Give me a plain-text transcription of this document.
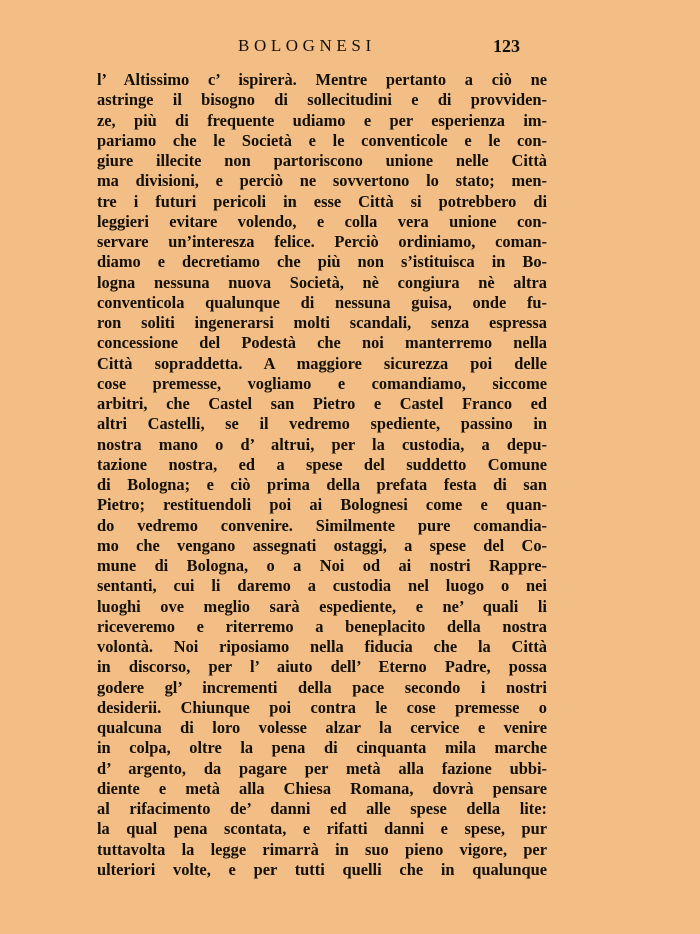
BOLOGNESI	123
l’ Altissimo c’ ispirerà. Mentre pertanto a ciò ne
astringe il bisogno di sollecitudini e di provviden-
ze, più di frequente udiamo e per esperienza im-
pariamo che le Società e le conventicole e le con-
giure illecite non partoriscono unione nelle Città
ma divisioni, e perciò ne sovvertono lo stato; men-
tre i futuri pericoli in esse Città si potrebbero di
leggieri evitare volendo, e colla vera unione con-
servare un’interesza felice. Perciò ordiniamo, coman-
diamo e decretiamo che più non s’istituisca in Bo-
logna nessuna nuova Società, nè congiura nè altra
conventicola qualunque di nessuna guisa, onde fu-
ron soliti ingenerarsi molti scandali, senza espressa
concessione del Podestà che noi manterremo nella
Città sopraddetta. A maggiore sicurezza poi delle
cose premesse, vogliamo e comandiamo, siccome
arbitri, che Castel san Pietro e Castel Franco ed
altri Castelli, se il vedremo spediente, passino in
nostra mano o d’ altrui, per la custodia, a depu-
tazione nostra, ed a spese del suddetto Comune
di Bologna; e ciò prima della prefata festa di san
Pietro; restituendoli poi ai Bolognesi come e quan-
do vedremo convenire. Similmente pure comandia-
mo che vengano assegnati ostaggi, a spese del Co-
mune di Bologna, o a Noi od ai nostri Rappre-
sentanti, cui li daremo a custodia nel luogo o nei
luoghi ove meglio sarà espediente, e ne’ quali li
riceveremo e riterremo a beneplacito della nostra
volontà. Noi riposiamo nella fiducia che la Città
in discorso, per l’ aiuto dell’ Eterno Padre, possa
godere gl’ incrementi della pace secondo i nostri
desiderii. Chiunque poi contra le cose premesse o
qualcuna di loro volesse alzar la cervice e venire
in colpa, oltre la pena di cinquanta mila marche
d’ argento, da pagare per metà alla fazione ubbi-
diente e metà alla Chiesa Romana, dovrà pensare
al rifacimento de’ danni ed alle spese della lite:
la qual pena scontata, e rifatti danni e spese, pur
tuttavolta la legge rimarrà in suo pieno vigore, per
ulteriori volte, e per tutti quelli che in qualunque
